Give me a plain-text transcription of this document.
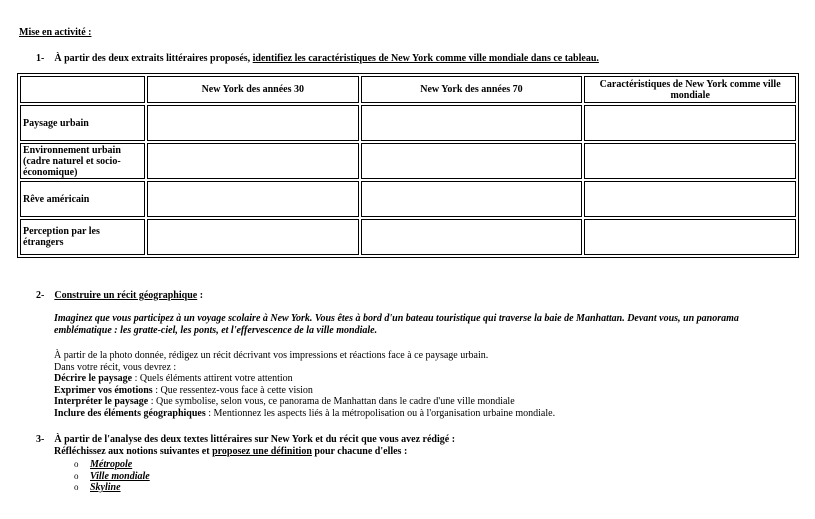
Mise en activité :
1- À partir des deux extraits littéraires proposés, identifiez les caractéristiques de New York comme ville mondiale dans ce tableau.
	New York des années 30	New York des années 70	Caractéristiques de New York comme ville mondiale
Paysage urbain			
Environnement urbain (cadre naturel et socio-économique)			
Rêve américain			
Perception par les étrangers			
2- Construire un récit géographique :
Imaginez que vous participez à un voyage scolaire à New York. Vous êtes à bord d'un bateau touristique qui traverse la baie de Manhattan. Devant vous, un panorama emblématique : les gratte-ciel, les ponts, et l'effervescence de la ville mondiale.
À partir de la photo donnée, rédigez un récit décrivant vos impressions et réactions face à ce paysage urbain.
Dans votre récit, vous devrez :
Décrire le paysage : Quels éléments attirent votre attention
Exprimer vos émotions : Que ressentez-vous face à cette vision
Interpréter le paysage : Que symbolise, selon vous, ce panorama de Manhattan dans le cadre d'une ville mondiale
Inclure des éléments géographiques : Mentionnez les aspects liés à la métropolisation ou à l'organisation urbaine mondiale.
3- À partir de l'analyse des deux textes littéraires sur New York et du récit que vous avez rédigé :
Réfléchissez aux notions suivantes et proposez une définition pour chacune d'elles :
o	Métropole
o	Ville mondiale
o	Skyline
